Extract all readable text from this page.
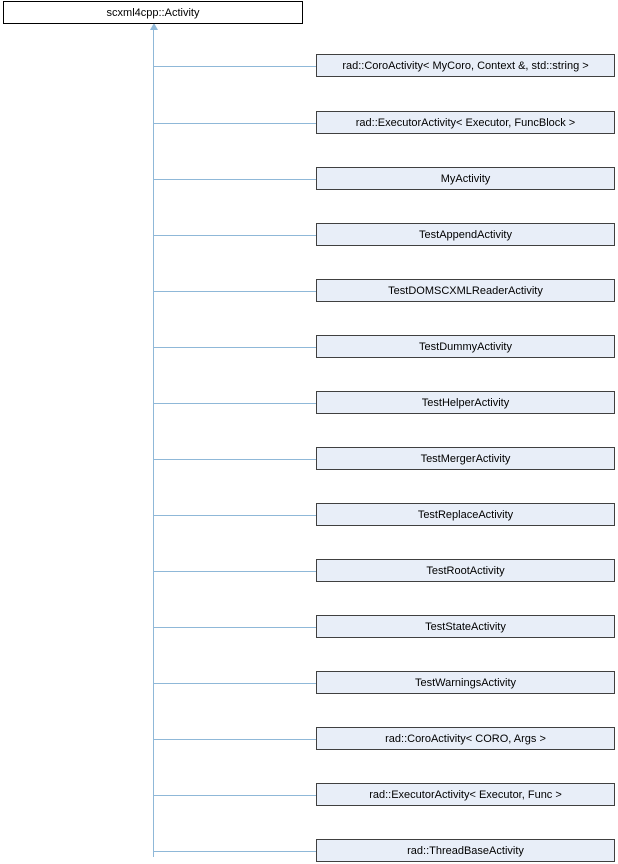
scxml4cpp::Activity
rad::CoroActivity< MyCoro, Context &, std::string >
rad::ExecutorActivity< Executor, FuncBlock >
MyActivity
TestAppendActivity
TestDOMSCXMLReaderActivity
TestDummyActivity
TestHelperActivity
TestMergerActivity
TestReplaceActivity
TestRootActivity
TestStateActivity
TestWarningsActivity
rad::CoroActivity< CORO, Args >
rad::ExecutorActivity< Executor, Func >
rad::ThreadBaseActivity
